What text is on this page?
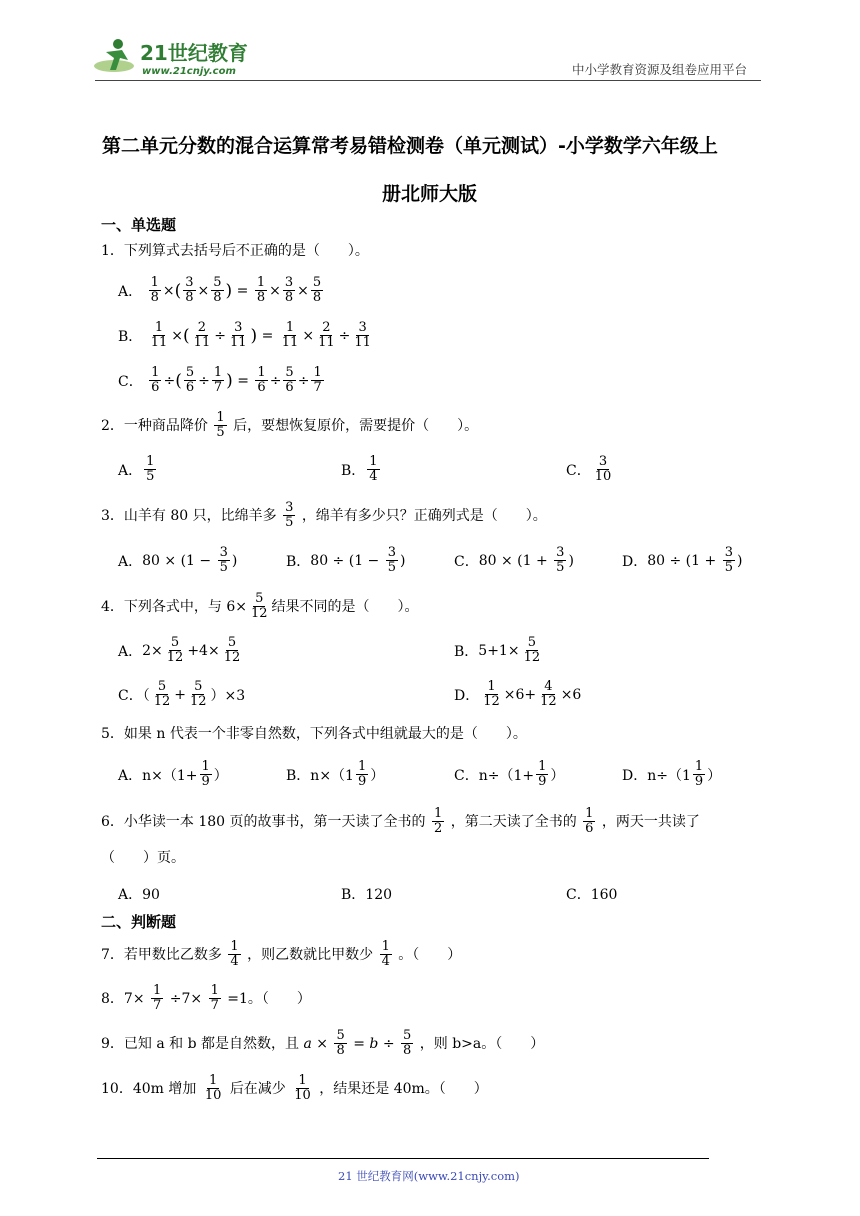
21世纪教育
www.21cnjy.com	中小学教育资源及组卷应用平台
第二单元分数的混合运算常考易错检测卷（单元测试）-小学数学六年级上
册北师大版
一、单选题
1．下列算式去括号后不正确的是（　　）。
A． $\frac{1}{8}$ ×( $\frac{3}{8} \times \frac{5}{8}$ ) = $\frac{1}{8} \times \frac{3}{8} \times \frac{5}{8}$
B． $\frac{1}{11}$ ×( $\frac{2}{11} \div \frac{3}{11}$ ) = $\frac{1}{11} \times \frac{2}{11} \div \frac{3}{11}$
C． $\frac{1}{6}$ ÷( $\frac{5}{6} \div \frac{1}{7}$ ) = $\frac{1}{6} \div \frac{5}{6} \div \frac{1}{7}$
2．一种商品降价 $\frac{1}{5}$ 后，要想恢复原价，需要提价（　　）。
A． $\frac{1}{5}$	B． $\frac{1}{4}$	C． $\frac{3}{10}$
3．山羊有 80 只，比绵羊多 $\frac{3}{5}$ ，绵羊有多少只？正确列式是（　　）。
A．$80 \times (1 - \frac{3}{5}$ )	B．$80 \div (1 - \frac{3}{5}$ )	C．$80 \times (1 + \frac{3}{5}$ )	D．$80 \div (1 + \frac{3}{5}$ )
4．下列各式中，与 $6\times \frac{5}{12}$ 结果不同的是（　　）。
A．$2\times \frac{5}{12} +4\times \frac{5}{12}$	B．$5+1\times \frac{5}{12}$
C．（ $\frac{5}{12} + \frac{5}{12} )\times 3$	D． $\frac{1}{12} \times 6+ \frac{4}{12} \times 6$
5．如果 n 代表一个非零自然数，下列各式中组就最大的是（　　）。
A．$n\times(1+ \frac{1}{9}$ ）	B．$n\times(1 \frac{1}{9}$ ）	C．$n\div(1+ \frac{1}{9}$ ）	D．$n\div(1 \frac{1}{9}$ ）
6．小华读一本 180 页的故事书，第一天读了全书的 $\frac{1}{2}$ ，第二天读了全书的 $\frac{1}{6}$ ，两天一共读了
（　　）页。
A．90	B．120	C．160
二、判断题
7．若甲数比乙数多 $\frac{1}{4}$ ，则乙数就比甲数少 $\frac{1}{4}$ 。（　　）
8．$7\times \frac{1}{7} \div 7\times \frac{1}{7} =1$。（　　）
9．已知 a 和 b 都是自然数，且 $a \times \frac{5}{8} = b \div \frac{5}{8}$ ，则 b>a。（　　）
10．40m 增加 $\frac{1}{10}$ 后在减少 $\frac{1}{10}$ ，结果还是 40m。（　　）
21 世纪教育网(www.21cnjy.com)
